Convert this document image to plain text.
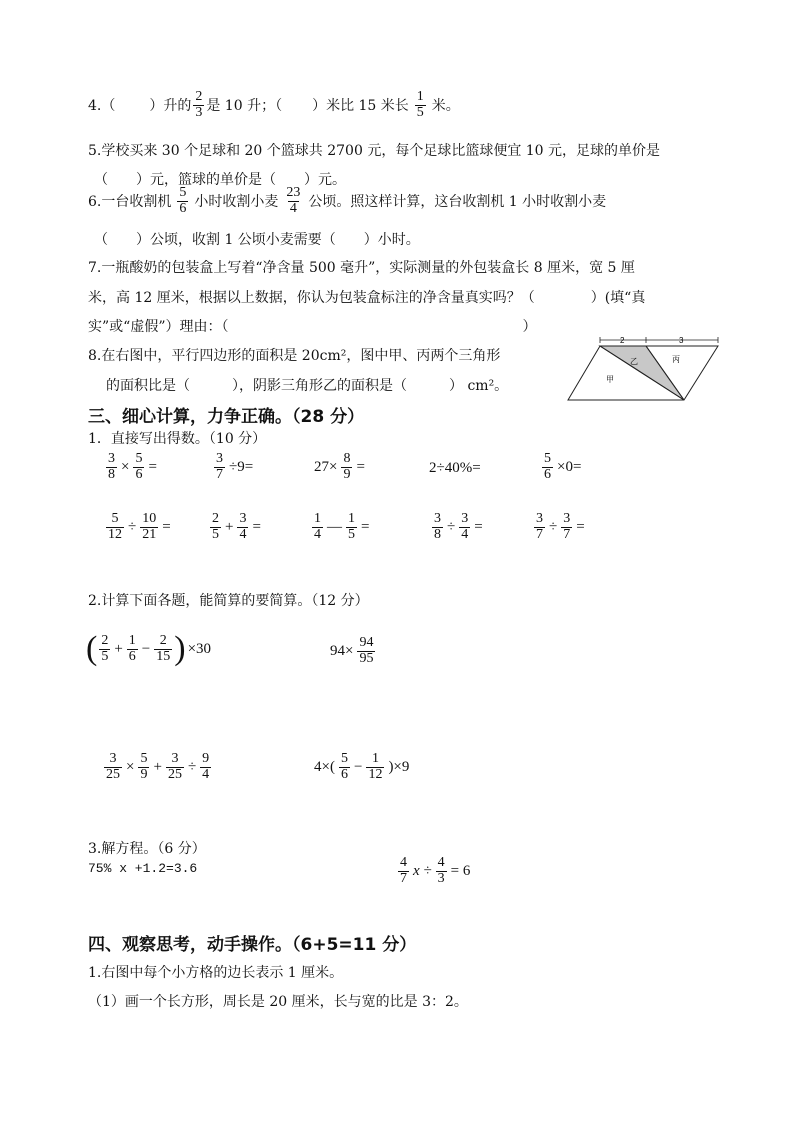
4.（ ）升的 $\frac{2}{3}$ 是 10 升；（ ）米比 15 米长 $\frac{1}{5}$ 米。
5.学校买来 30 个足球和 20 个篮球共 2700 元，每个足球比篮球便宜 10 元，足球的单价是
（　　）元，篮球的单价是（　　）元。
6.一台收割机 $\frac{5}{6}$ 小时收割小麦 $\frac{23}{4}$ 公顷。照这样计算，这台收割机 1 小时收割小麦
（　　）公顷，收割 1 公顷小麦需要（　　）小时。
7.一瓶酸奶的包装盒上写着“净含量 500 毫升”，实际测量的外包装盒长 8 厘米，宽 5 厘
米，高 12 厘米，根据以上数据，你认为包装盒标注的净含量真实吗？（　　　　）(填“真
实”或“虚假”）理由：（　　　　　　　　　　　　　　　　　　　　　）
8.在右图中，平行四边形的面积是 20cm²，图中甲、丙两个三角形
的面积比是（　　　），阴影三角形乙的面积是（　　　） cm²。
2	3
乙
甲
丙
三、细心计算，力争正确。（28 分）
1．直接写出得数。（10 分）
$\frac{3}{8} \times \frac{5}{6}$ =	$\frac{3}{7} \div 9=$	$27\times \frac{8}{9}$ =	2÷40%=	$\frac{5}{6} \times 0=$
$\frac{5}{12} \div \frac{10}{21}$ =	$\frac{2}{5} + \frac{3}{4}$ =	$\frac{1}{4}$ — $\frac{1}{5}$ =	$\frac{3}{8} \div \frac{3}{4}$ =	$\frac{3}{7} \div \frac{3}{7}$ =
2.计算下面各题，能简算的要简算。（12 分）
( $\frac{2}{5} + \frac{1}{6} - \frac{2}{15}$ ) ×30	$94\times \frac{94}{95}$
$\frac{3}{25} \times \frac{5}{9} + \frac{3}{25} \div \frac{9}{4}$	$4\times( \frac{5}{6} - \frac{1}{12} )\times 9$
3.解方程。（6 分）
75% x +1.2=3.6	$\frac{4}{7}$ $x \div \frac{4}{3} = 6$
四、观察思考，动手操作。（6+5=11 分）
1.右图中每个小方格的边长表示 1 厘米。
（1）画一个长方形，周长是 20 厘米，长与宽的比是 3：2。
